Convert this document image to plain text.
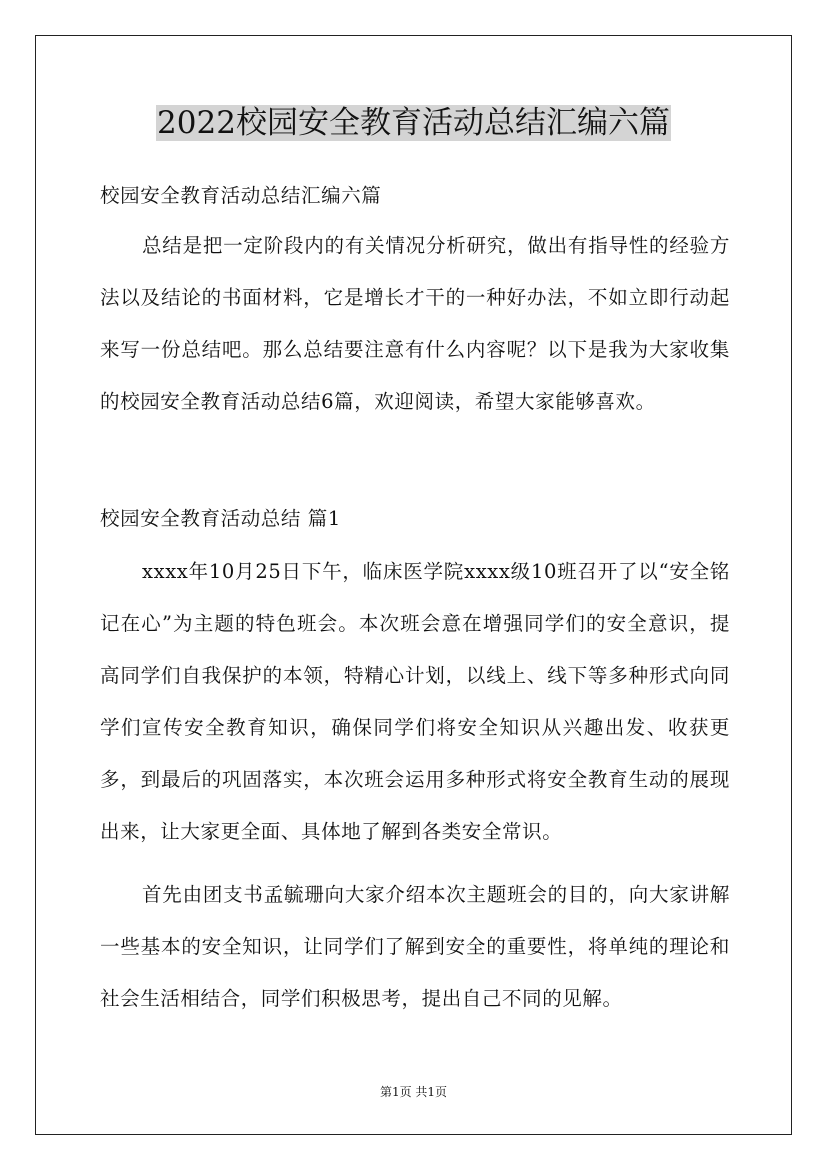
2022校园安全教育活动总结汇编六篇

校园安全教育活动总结汇编六篇

总结是把一定阶段内的有关情况分析研究，做出有指导性的经验方法以及结论的书面材料，它是增长才干的一种好办法，不如立即行动起来写一份总结吧。那么总结要注意有什么内容呢？以下是我为大家收集的校园安全教育活动总结6篇，欢迎阅读，希望大家能够喜欢。

校园安全教育活动总结 篇1

xxxx年10月25日下午，临床医学院xxxx级10班召开了以“安全铭记在心”为主题的特色班会。本次班会意在增强同学们的安全意识，提高同学们自我保护的本领，特精心计划，以线上、线下等多种形式向同学们宣传安全教育知识，确保同学们将安全知识从兴趣出发、收获更多，到最后的巩固落实，本次班会运用多种形式将安全教育生动的展现出来，让大家更全面、具体地了解到各类安全常识。

首先由团支书孟毓珊向大家介绍本次主题班会的目的，向大家讲解一些基本的安全知识，让同学们了解到安全的重要性，将单纯的理论和社会生活相结合，同学们积极思考，提出自己不同的见解。

第1页 共1页
